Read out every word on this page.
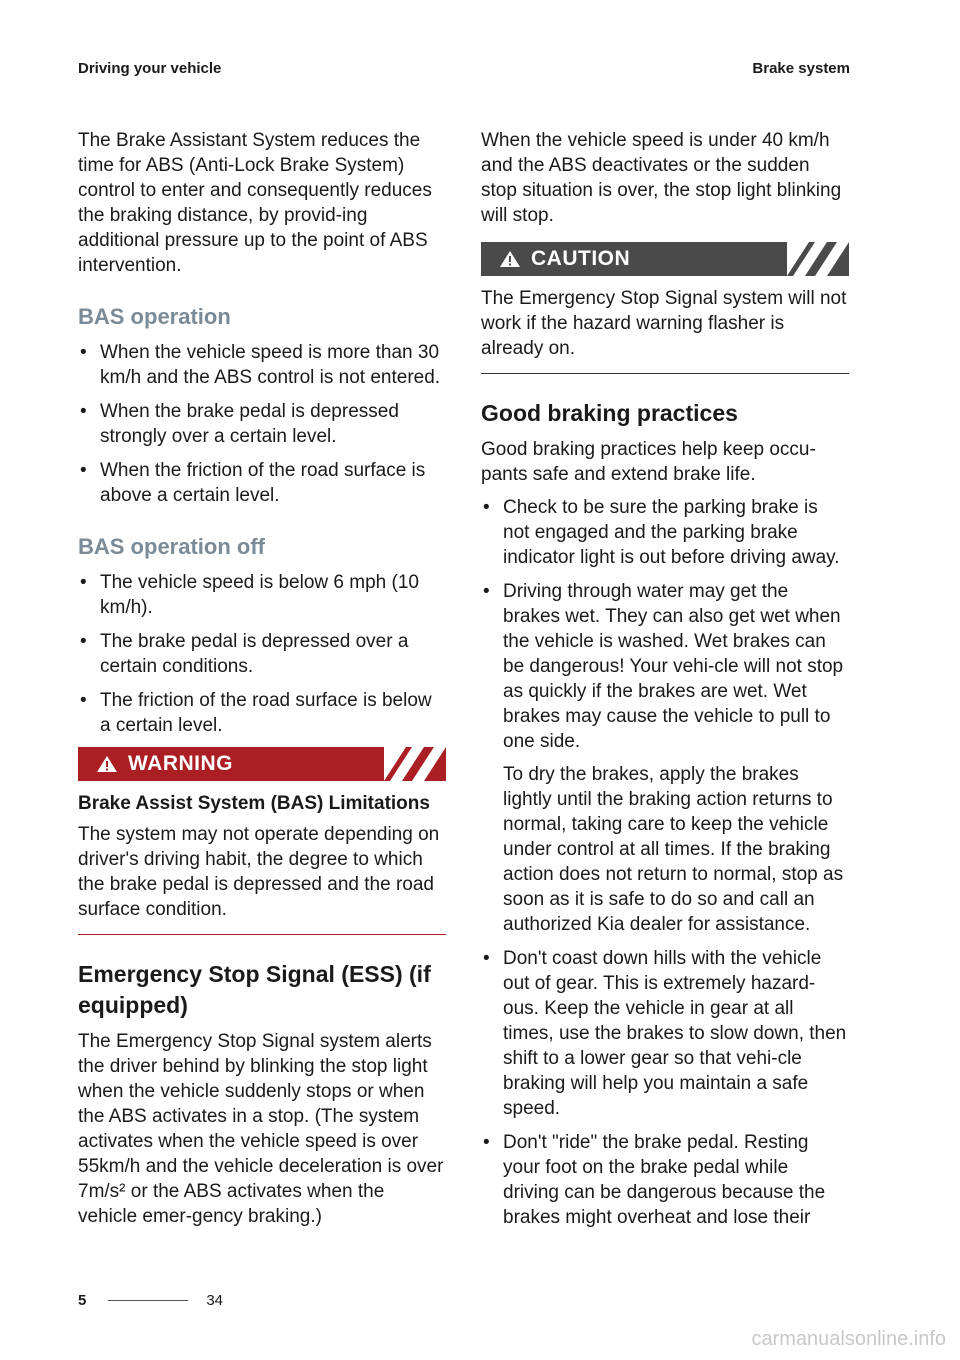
Driving your vehicle	Brake system

The Brake Assistant System reduces the time for ABS (Anti-Lock Brake System) control to enter and consequently reduces the braking distance, by provid-ing additional pressure up to the point of ABS intervention.

BAS operation
• When the vehicle speed is more than 30 km/h and the ABS control is not entered.
• When the brake pedal is depressed strongly over a certain level.
• When the friction of the road surface is above a certain level.
BAS operation off
• The vehicle speed is below 6 mph (10 km/h).
• The brake pedal is depressed over a certain conditions.
• The friction of the road surface is below a certain level.
WARNING
Brake Assist System (BAS) Limitations

The system may not operate depending on driver's driving habit, the degree to which the brake pedal is depressed and the road surface condition.

Emergency Stop Signal (ESS) (if equipped)

The Emergency Stop Signal system alerts the driver behind by blinking the stop light when the vehicle suddenly stops or when the ABS activates in a stop. (The system activates when the vehicle speed is over 55km/h and the vehicle deceleration is over 7m/s² or the ABS activates when the vehicle emer-gency braking.)

When the vehicle speed is under 40 km/h and the ABS deactivates or the sudden stop situation is over, the stop light blinking will stop.

CAUTION

The Emergency Stop Signal system will not work if the hazard warning flasher is already on.

Good braking practices

Good braking practices help keep occu-pants safe and extend brake life.

• Check to be sure the parking brake is not engaged and the parking brake indicator light is out before driving away.
• Driving through water may get the brakes wet. They can also get wet when the vehicle is washed. Wet brakes can be dangerous! Your vehi-cle will not stop as quickly if the brakes are wet. Wet brakes may cause the vehicle to pull to one side.
To dry the brakes, apply the brakes lightly until the braking action returns to normal, taking care to keep the vehicle under control at all times. If the braking action does not return to normal, stop as soon as it is safe to do so and call an authorized Kia dealer for assistance.
• Don't coast down hills with the vehicle out of gear. This is extremely hazard-ous. Keep the vehicle in gear at all times, use the brakes to slow down, then shift to a lower gear so that vehi-cle braking will help you maintain a safe speed.
• Don't "ride" the brake pedal. Resting your foot on the brake pedal while driving can be dangerous because the brakes might overheat and lose their
5	34
carmanualsonline.info
